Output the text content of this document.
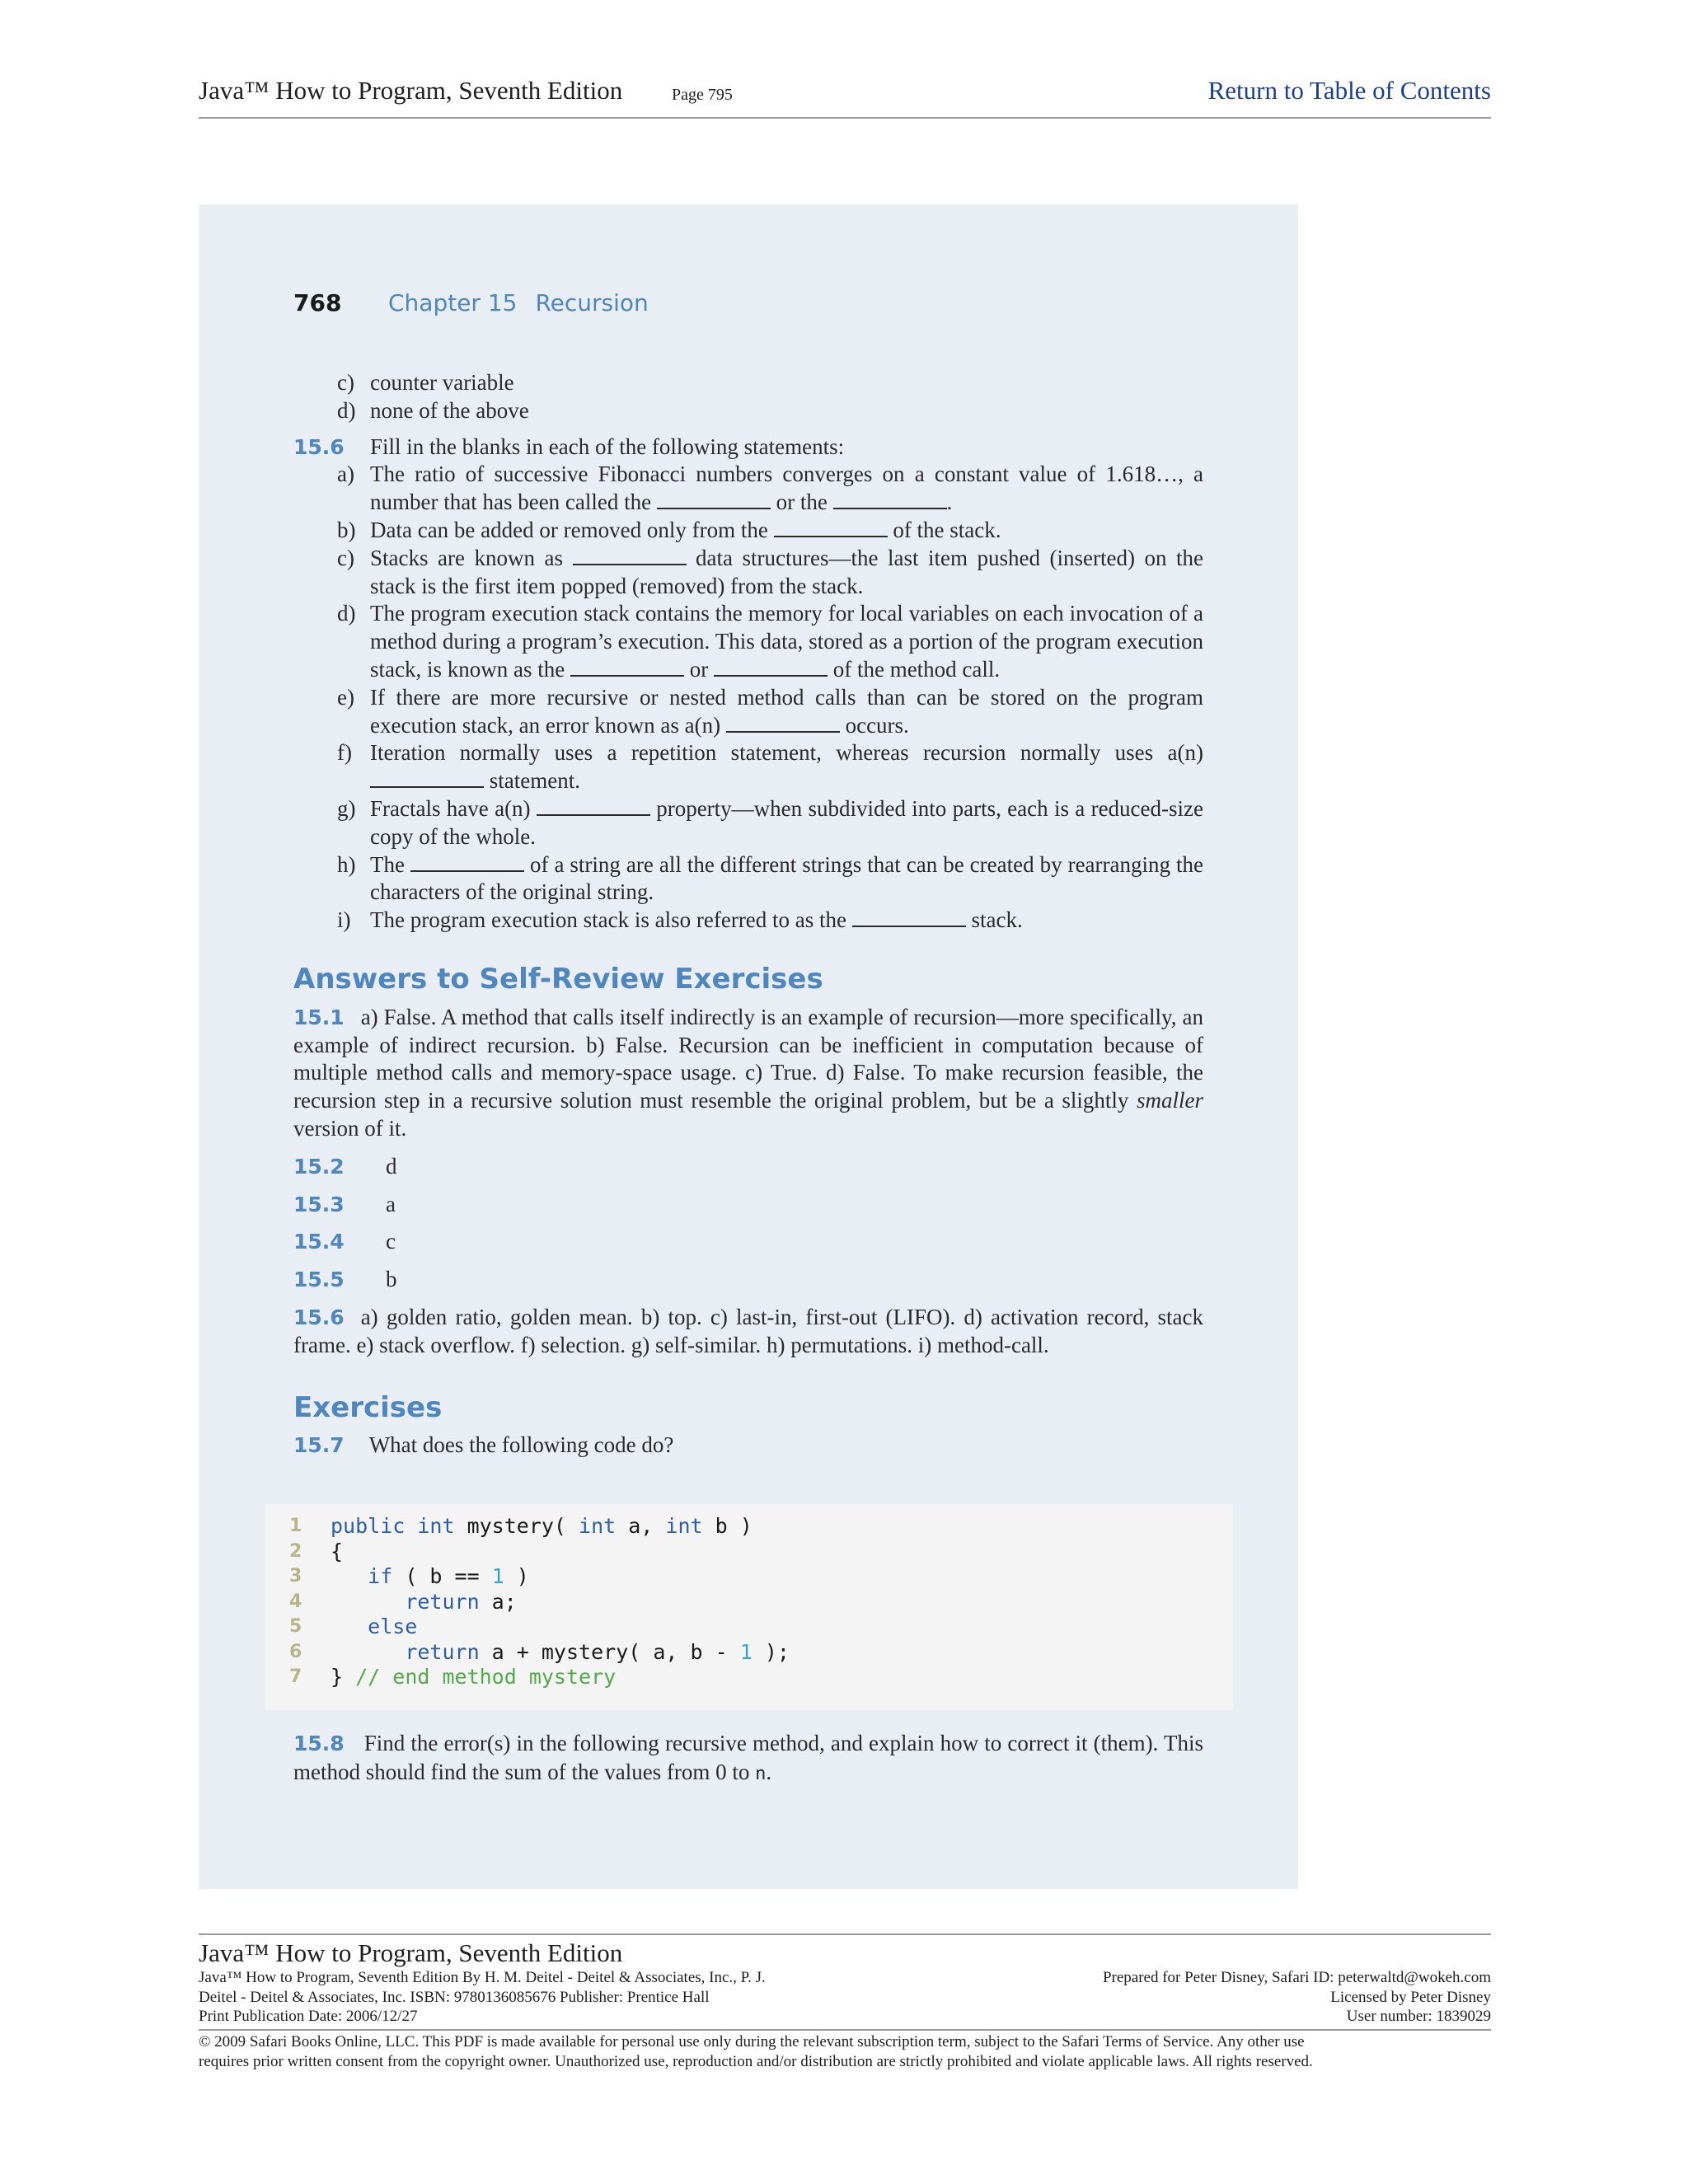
Java™ How to Program, Seventh Edition	Page 795	Return to Table of Contents
768 Chapter 15 Recursion
c) counter variable
d) none of the above
15.6 Fill in the blanks in each of the following statements:
a) The ratio of successive Fibonacci numbers converges on a constant value of 1.618…, a number that has been called the	or the	.
b) Data can be added or removed only from the	of the stack.
c) Stacks are known as	data structures—the last item pushed (inserted) on the stack is the first item popped (removed) from the stack.
d) The program execution stack contains the memory for local variables on each invocation of a method during a program’s execution. This data, stored as a portion of the program execution stack, is known as the	or	of the method call.
e) If there are more recursive or nested method calls than can be stored on the program execution stack, an error known as a(n)	occurs.
f) Iteration normally uses a repetition statement, whereas recursion normally uses a(n)  statement.
g) Fractals have a(n)	property—when subdivided into parts, each is a reduced-size copy of the whole.
h) The	of a string are all the different strings that can be created by rearranging the characters of the original string.
i) The program execution stack is also referred to as the	stack.
Answers to Self-Review Exercises

15.1 a) False. A method that calls itself indirectly is an example of recursion—more specifically, an example of indirect recursion. b) False. Recursion can be inefficient in computation because of multiple method calls and memory-space usage. c) True. d) False. To make recursion feasible, the recursion step in a recursive solution must resemble the original problem, but be a slightly smaller version of it.

15.2 d

15.3 a

15.4 c

15.5 b

15.6 a) golden ratio, golden mean. b) top. c) last-in, first-out (LIFO). d) activation record, stack frame. e) stack overflow. f) selection. g) self-similar. h) permutations. i) method-call.

Exercises

15.7 What does the following code do?

1 public int mystery( int a, int b )
2 {
3	if ( b == 1 )
4	return a;
5	else
6	return a + mystery( a, b - 1 );
7 } // end method mystery

15.8 Find the error(s) in the following recursive method, and explain how to correct it (them). This method should find the sum of the values from 0 to n.

Java™ How to Program, Seventh Edition
Java™ How to Program, Seventh Edition By H. M. Deitel - Deitel & Associates, Inc., P. J.
Deitel - Deitel & Associates, Inc. ISBN: 9780136085676 Publisher: Prentice Hall
Print Publication Date: 2006/12/27
Prepared for Peter Disney, Safari ID: peterwaltd@wokeh.com
Licensed by Peter Disney
User number: 1839029
© 2009 Safari Books Online, LLC. This PDF is made available for personal use only during the relevant subscription term, subject to the Safari Terms of Service. Any other use
requires prior written consent from the copyright owner. Unauthorized use, reproduction and/or distribution are strictly prohibited and violate applicable laws. All rights reserved.
